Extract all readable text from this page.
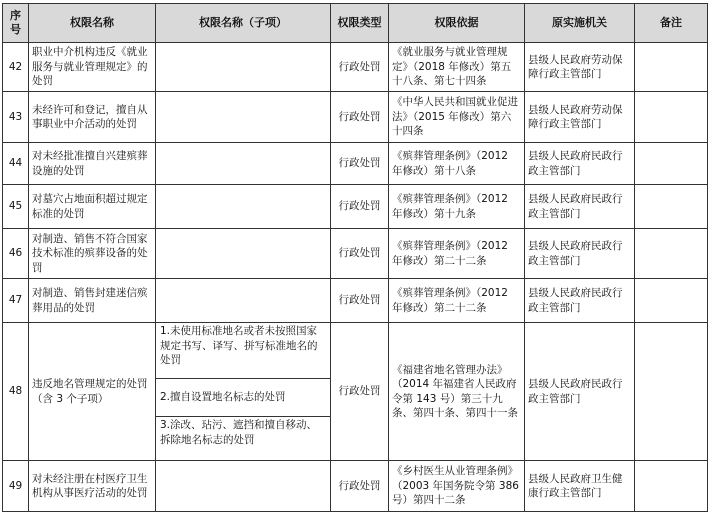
序号	权限名称	权限名称（子项）	权限类型	权限依据	原实施机关	备注
42	职业中介机构违反《就业服务与就业管理规定》的处罚		行政处罚	《就业服务与就业管理规定》（2018 年修改）第五十八条、第七十四条	县级人民政府劳动保障行政主管部门	
43	未经许可和登记，擅自从事职业中介活动的处罚		行政处罚	《中华人民共和国就业促进法》（2015 年修改）第六十四条	县级人民政府劳动保障行政主管部门	
44	对未经批准擅自兴建殡葬设施的处罚		行政处罚	《殡葬管理条例》（2012 年修改）第十八条	县级人民政府民政行政主管部门	
45	对墓穴占地面积超过规定标准的处罚		行政处罚	《殡葬管理条例》（2012 年修改）第十九条	县级人民政府民政行政主管部门	
46	对制造、销售不符合国家技术标准的殡葬设备的处罚		行政处罚	《殡葬管理条例》（2012 年修改）第二十二条	县级人民政府民政行政主管部门	
47	对制造、销售封建迷信殡葬用品的处罚		行政处罚	《殡葬管理条例》（2012 年修改）第二十二条	县级人民政府民政行政主管部门	
48	违反地名管理规定的处罚（含 3 个子项）	1.未使用标准地名或者未按照国家规定书写、译写、拼写标准地名的处罚
2.擅自设置地名标志的处罚
3.涂改、玷污、遮挡和擅自移动、拆除地名标志的处罚	行政处罚	《福建省地名管理办法》（2014 年福建省人民政府令第 143 号）第三十九条、第四十条、第四十一条	县级人民政府民政行政主管部门	
49	对未经注册在村医疗卫生机构从事医疗活动的处罚		行政处罚	《乡村医生从业管理条例》（2003 年国务院令第 386 号）第四十二条	县级人民政府卫生健康行政主管部门	
